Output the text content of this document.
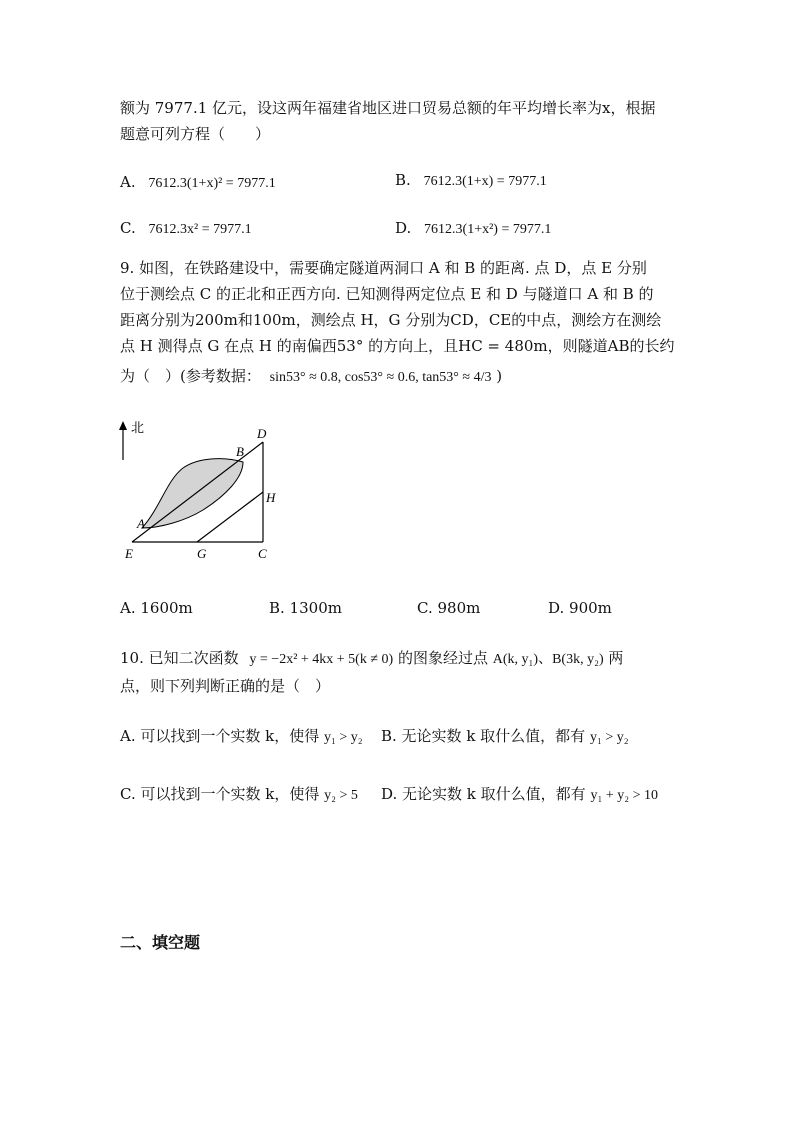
额为 7977.1 亿元，设这两年福建省地区进口贸易总额的年平均增长率为x，根据
题意可列方程（　　）
A. 7612.3(1+x)² = 7977.1	B. 7612.3(1+x) = 7977.1
C. 7612.3x² = 7977.1	D. 7612.3(1+x²) = 7977.1
9. 如图，在铁路建设中，需要确定隧道两洞口 A 和 B 的距离. 点 D，点 E 分别
位于测绘点 C 的正北和正西方向. 已知测得两定位点 E 和 D 与隧道口 A 和 B 的
距离分别为200m和100m，测绘点 H，G 分别为CD，CE的中点，测绘方在测绘
点 H 测得点 G 在点 H 的南偏西53° 的方向上，且HC = 480m，则隧道AB的长约
为（　）(参考数据： sin53° ≈ 0.8, cos53° ≈ 0.6, tan53° ≈ 4/3 )
北	D
B
H
A
E	G	C
A. 1600m	B. 1300m	C. 980m	D. 900m
10. 已知二次函数 y = −2x² + 4kx + 5(k ≠ 0) 的图象经过点 A(k, y₁)、B(3k, y₂) 两
点，则下列判断正确的是（　）
A. 可以找到一个实数 k，使得 y₁ > y₂ B. 无论实数 k 取什么值，都有 y₁ > y₂
C. 可以找到一个实数 k，使得 y₂ > 5 D. 无论实数 k 取什么值，都有 y₁ + y₂ > 10
二、填空题
